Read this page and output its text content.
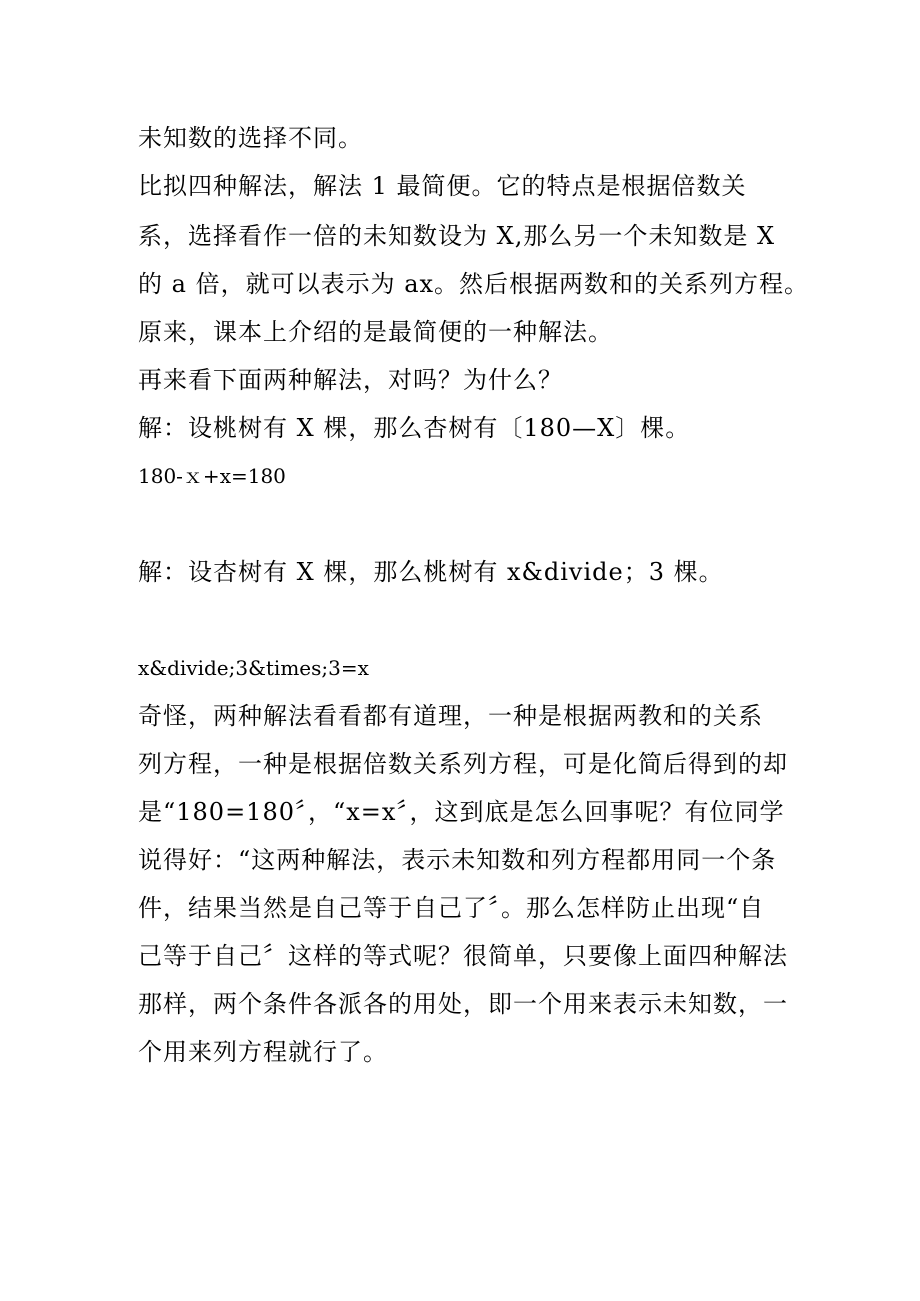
未知数的选择不同。

比拟四种解法，解法 1 最简便。它的特点是根据倍数关

系，选择看作一倍的未知数设为 X,那么另一个未知数是 X

的 a 倍，就可以表示为 ax。然后根据两数和的关系列方程。

原来，课本上介绍的是最简便的一种解法。

再来看下面两种解法，对吗？为什么？

解：设桃树有 X 棵，那么杏树有〔180—X〕棵。

180-ｘ+x=180

解：设杏树有 X 棵，那么桃树有 x&divide；3 棵。

x&divide;3&times;3=x

奇怪，两种解法看看都有道理，一种是根据两教和的关系

列方程，一种是根据倍数关系列方程，可是化简后得到的却

是“180=180〞，“x=x〞，这到底是怎么回事呢？有位同学

说得好：“这两种解法，表示未知数和列方程都用同一个条

件，结果当然是自己等于自己了〞。那么怎样防止出现“自

己等于自己〞这样的等式呢？很简单，只要像上面四种解法

那样，两个条件各派各的用处，即一个用来表示未知数，一

个用来列方程就行了。
